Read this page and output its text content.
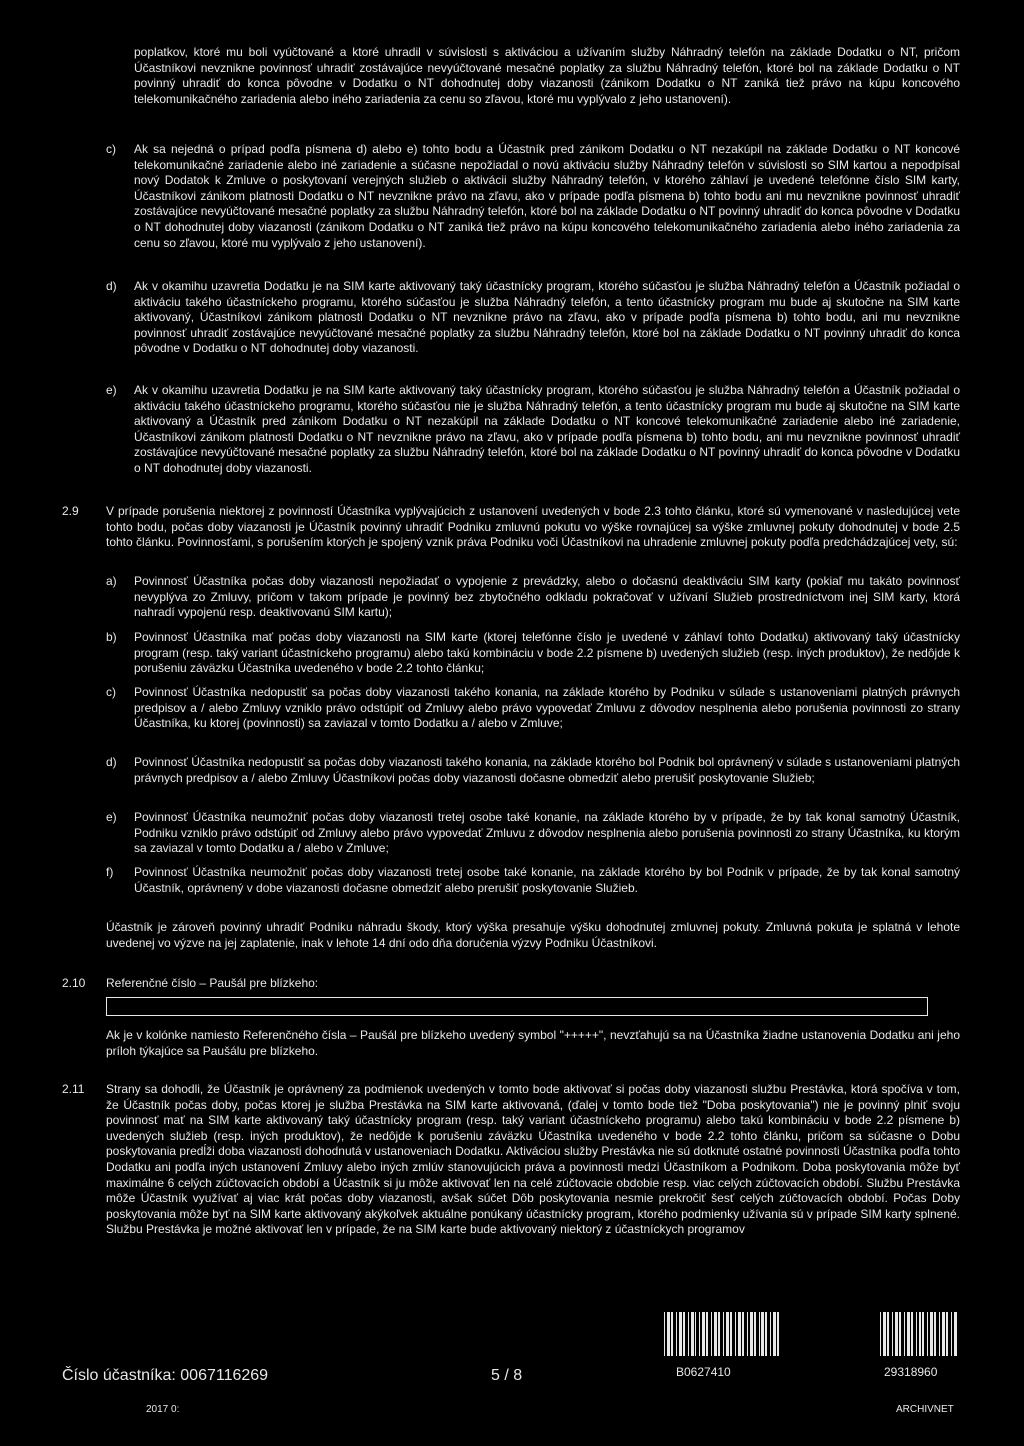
poplatkov, ktoré mu boli vyúčtované a ktoré uhradil v súvislosti s aktiváciou a užívaním služby Náhradný telefón na základe Dodatku o NT, pričom Účastníkovi nevznikne povinnosť uhradiť zostávajúce nevyúčtované mesačné poplatky za službu Náhradný telefón, ktoré bol na základe Dodatku o NT povinný uhradiť do konca pôvodne v Dodatku o NT dohodnutej doby viazanosti (zánikom Dodatku o NT zaniká tiež právo na kúpu koncového telekomunikačného zariadenia alebo iného zariadenia za cenu so zľavou, ktoré mu vyplývalo z jeho ustanovení).
c) Ak sa nejedná o prípad podľa písmena d) alebo e) tohto bodu a Účastník pred zánikom Dodatku o NT nezakúpil na základe Dodatku o NT koncové telekomunikačné zariadenie alebo iné zariadenie a súčasne nepožiadal o novú aktiváciu služby Náhradný telefón v súvislosti so SIM kartou a nepodpísal nový Dodatok k Zmluve o poskytovaní verejných služieb o aktivácii služby Náhradný telefón, v ktorého záhlaví je uvedené telefónne číslo SIM karty, Účastníkovi zánikom platnosti Dodatku o NT nevznikne právo na zľavu, ako v prípade podľa písmena b) tohto bodu ani mu nevznikne povinnosť uhradiť zostávajúce nevyúčtované mesačné poplatky za službu Náhradný telefón, ktoré bol na základe Dodatku o NT povinný uhradiť do konca pôvodne v Dodatku o NT dohodnutej doby viazanosti (zánikom Dodatku o NT zaniká tiež právo na kúpu koncového telekomunikačného zariadenia alebo iného zariadenia za cenu so zľavou, ktoré mu vyplývalo z jeho ustanovení).
d) Ak v okamihu uzavretia Dodatku je na SIM karte aktivovaný taký účastnícky program, ktorého súčasťou je služba Náhradný telefón a Účastník požiadal o aktiváciu takého účastníckeho programu, ktorého súčasťou je služba Náhradný telefón, a tento účastnícky program mu bude aj skutočne na SIM karte aktivovaný, Účastníkovi zánikom platnosti Dodatku o NT nevznikne právo na zľavu, ako v prípade podľa písmena b) tohto bodu, ani mu nevznikne povinnosť uhradiť zostávajúce nevyúčtované mesačné poplatky za službu Náhradný telefón, ktoré bol na základe Dodatku o NT povinný uhradiť do konca pôvodne v Dodatku o NT dohodnutej doby viazanosti.
e) Ak v okamihu uzavretia Dodatku je na SIM karte aktivovaný taký účastnícky program, ktorého súčasťou je služba Náhradný telefón a Účastník požiadal o aktiváciu takého účastníckeho programu, ktorého súčasťou nie je služba Náhradný telefón, a tento účastnícky program mu bude aj skutočne na SIM karte aktivovaný a Účastník pred zánikom Dodatku o NT nezakúpil na základe Dodatku o NT koncové telekomunikačné zariadenie alebo iné zariadenie, Účastníkovi zánikom platnosti Dodatku o NT nevznikne právo na zľavu, ako v prípade podľa písmena b) tohto bodu, ani mu nevznikne povinnosť uhradiť zostávajúce nevyúčtované mesačné poplatky za službu Náhradný telefón, ktoré bol na základe Dodatku o NT povinný uhradiť do konca pôvodne v Dodatku o NT dohodnutej doby viazanosti.
2.9 V prípade porušenia niektorej z povinností Účastníka vyplývajúcich z ustanovení uvedených v bode 2.3 tohto článku, ktoré sú vymenované v nasledujúcej vete tohto bodu, počas doby viazanosti je Účastník povinný uhradiť Podniku zmluvnú pokutu vo výške rovnajúcej sa výške zmluvnej pokuty dohodnutej v bode 2.5 tohto článku. Povinnosťami, s porušením ktorých je spojený vznik práva Podniku voči Účastníkovi na uhradenie zmluvnej pokuty podľa predchádzajúcej vety, sú:
a) Povinnosť Účastníka počas doby viazanosti nepožiadať o vypojenie z prevádzky, alebo o dočasnú deaktiváciu SIM karty (pokiaľ mu takáto povinnosť nevyplýva zo Zmluvy, pričom v takom prípade je povinný bez zbytočného odkladu pokračovať v užívaní Služieb prostredníctvom inej SIM karty, ktorá nahradí vypojenú resp. deaktivovanú SIM kartu);
b) Povinnosť Účastníka mať počas doby viazanosti na SIM karte (ktorej telefónne číslo je uvedené v záhlaví tohto Dodatku) aktivovaný taký účastnícky program (resp. taký variant účastníckeho programu) alebo takú kombináciu v bode 2.2 písmene b) uvedených služieb (resp. iných produktov), že nedôjde k porušeniu záväzku Účastníka uvedeného v bode 2.2 tohto článku;
c) Povinnosť Účastníka nedopustiť sa počas doby viazanosti takého konania, na základe ktorého by Podniku v súlade s ustanoveniami platných právnych predpisov a / alebo Zmluvy vzniklo právo odstúpiť od Zmluvy alebo právo vypovedať Zmluvu z dôvodov nesplnenia alebo porušenia povinnosti zo strany Účastníka, ku ktorej (povinnosti) sa zaviazal v tomto Dodatku a / alebo v Zmluve;
d) Povinnosť Účastníka nedopustiť sa počas doby viazanosti takého konania, na základe ktorého bol Podnik bol oprávnený v súlade s ustanoveniami platných právnych predpisov a / alebo Zmluvy Účastníkovi počas doby viazanosti dočasne obmedziť alebo prerušiť poskytovanie Služieb;
e) Povinnosť Účastníka neumožniť počas doby viazanosti tretej osobe také konanie, na základe ktorého by v prípade, že by tak konal samotný Účastník, Podniku vzniklo právo odstúpiť od Zmluvy alebo právo vypovedať Zmluvu z dôvodov nesplnenia alebo porušenia povinnosti zo strany Účastníka, ku ktorým sa zaviazal v tomto Dodatku a / alebo v Zmluve;
f) Povinnosť Účastníka neumožniť počas doby viazanosti tretej osobe také konanie, na základe ktorého by bol Podnik v prípade, že by tak konal samotný Účastník, oprávnený v dobe viazanosti dočasne obmedziť alebo prerušiť poskytovanie Služieb.
Účastník je zároveň povinný uhradiť Podniku náhradu škody, ktorý výška presahuje výšku dohodnutej zmluvnej pokuty. Zmluvná pokuta je splatná v lehote uvedenej vo výzve na jej zaplatenie, inak v lehote 14 dní odo dňa doručenia výzvy Podniku Účastníkovi.
2.10 Referenčné číslo – Paušál pre blízkeho:
Ak je v kolónke namiesto Referenčného čísla – Paušál pre blízkeho uvedený symbol "+++++", nevzťahujú sa na Účastníka žiadne ustanovenia Dodatku ani jeho príloh týkajúce sa Paušálu pre blízkeho.
2.11 Strany sa dohodli, že Účastník je oprávnený za podmienok uvedených v tomto bode aktivovať si počas doby viazanosti službu Prestávka, ktorá spočíva v tom, že Účastník počas doby, počas ktorej je služba Prestávka na SIM karte aktivovaná, (ďalej v tomto bode tiež "Doba poskytovania") nie je povinný plniť svoju povinnosť mať na SIM karte aktivovaný taký účastnícky program (resp. taký variant účastníckeho programu) alebo takú kombináciu v bode 2.2 písmene b) uvedených služieb (resp. iných produktov), že nedôjde k porušeniu záväzku Účastníka uvedeného v bode 2.2 tohto článku, pričom sa súčasne o Dobu poskytovania predĺži doba viazanosti dohodnutá v ustanoveniach Dodatku. Aktiváciou služby Prestávka nie sú dotknuté ostatné povinnosti Účastníka podľa tohto Dodatku ani podľa iných ustanovení Zmluvy alebo iných zmlúv stanovujúcich práva a povinnosti medzi Účastníkom a Podnikom. Doba poskytovania môže byť maximálne 6 celých zúčtovacích období a Účastník si ju môže aktivovať len na celé zúčtovacie obdobie resp. viac celých zúčtovacích období. Službu Prestávka môže Účastník využívať aj viac krát počas doby viazanosti, avšak súčet Dôb poskytovania nesmie prekročiť šesť celých zúčtovacích období. Počas Doby poskytovania môže byť na SIM karte aktivovaný akýkoľvek aktuálne ponúkaný účastnícky program, ktorého podmienky užívania sú v prípade SIM karty splnené. Službu Prestávka je možné aktivovať len v prípade, že na SIM karte bude aktivovaný niektorý z účastníckych programov
Číslo účastníka: 0067116269	5 / 8	B0627410	29318960
2017 0:	ARCHIVNET
